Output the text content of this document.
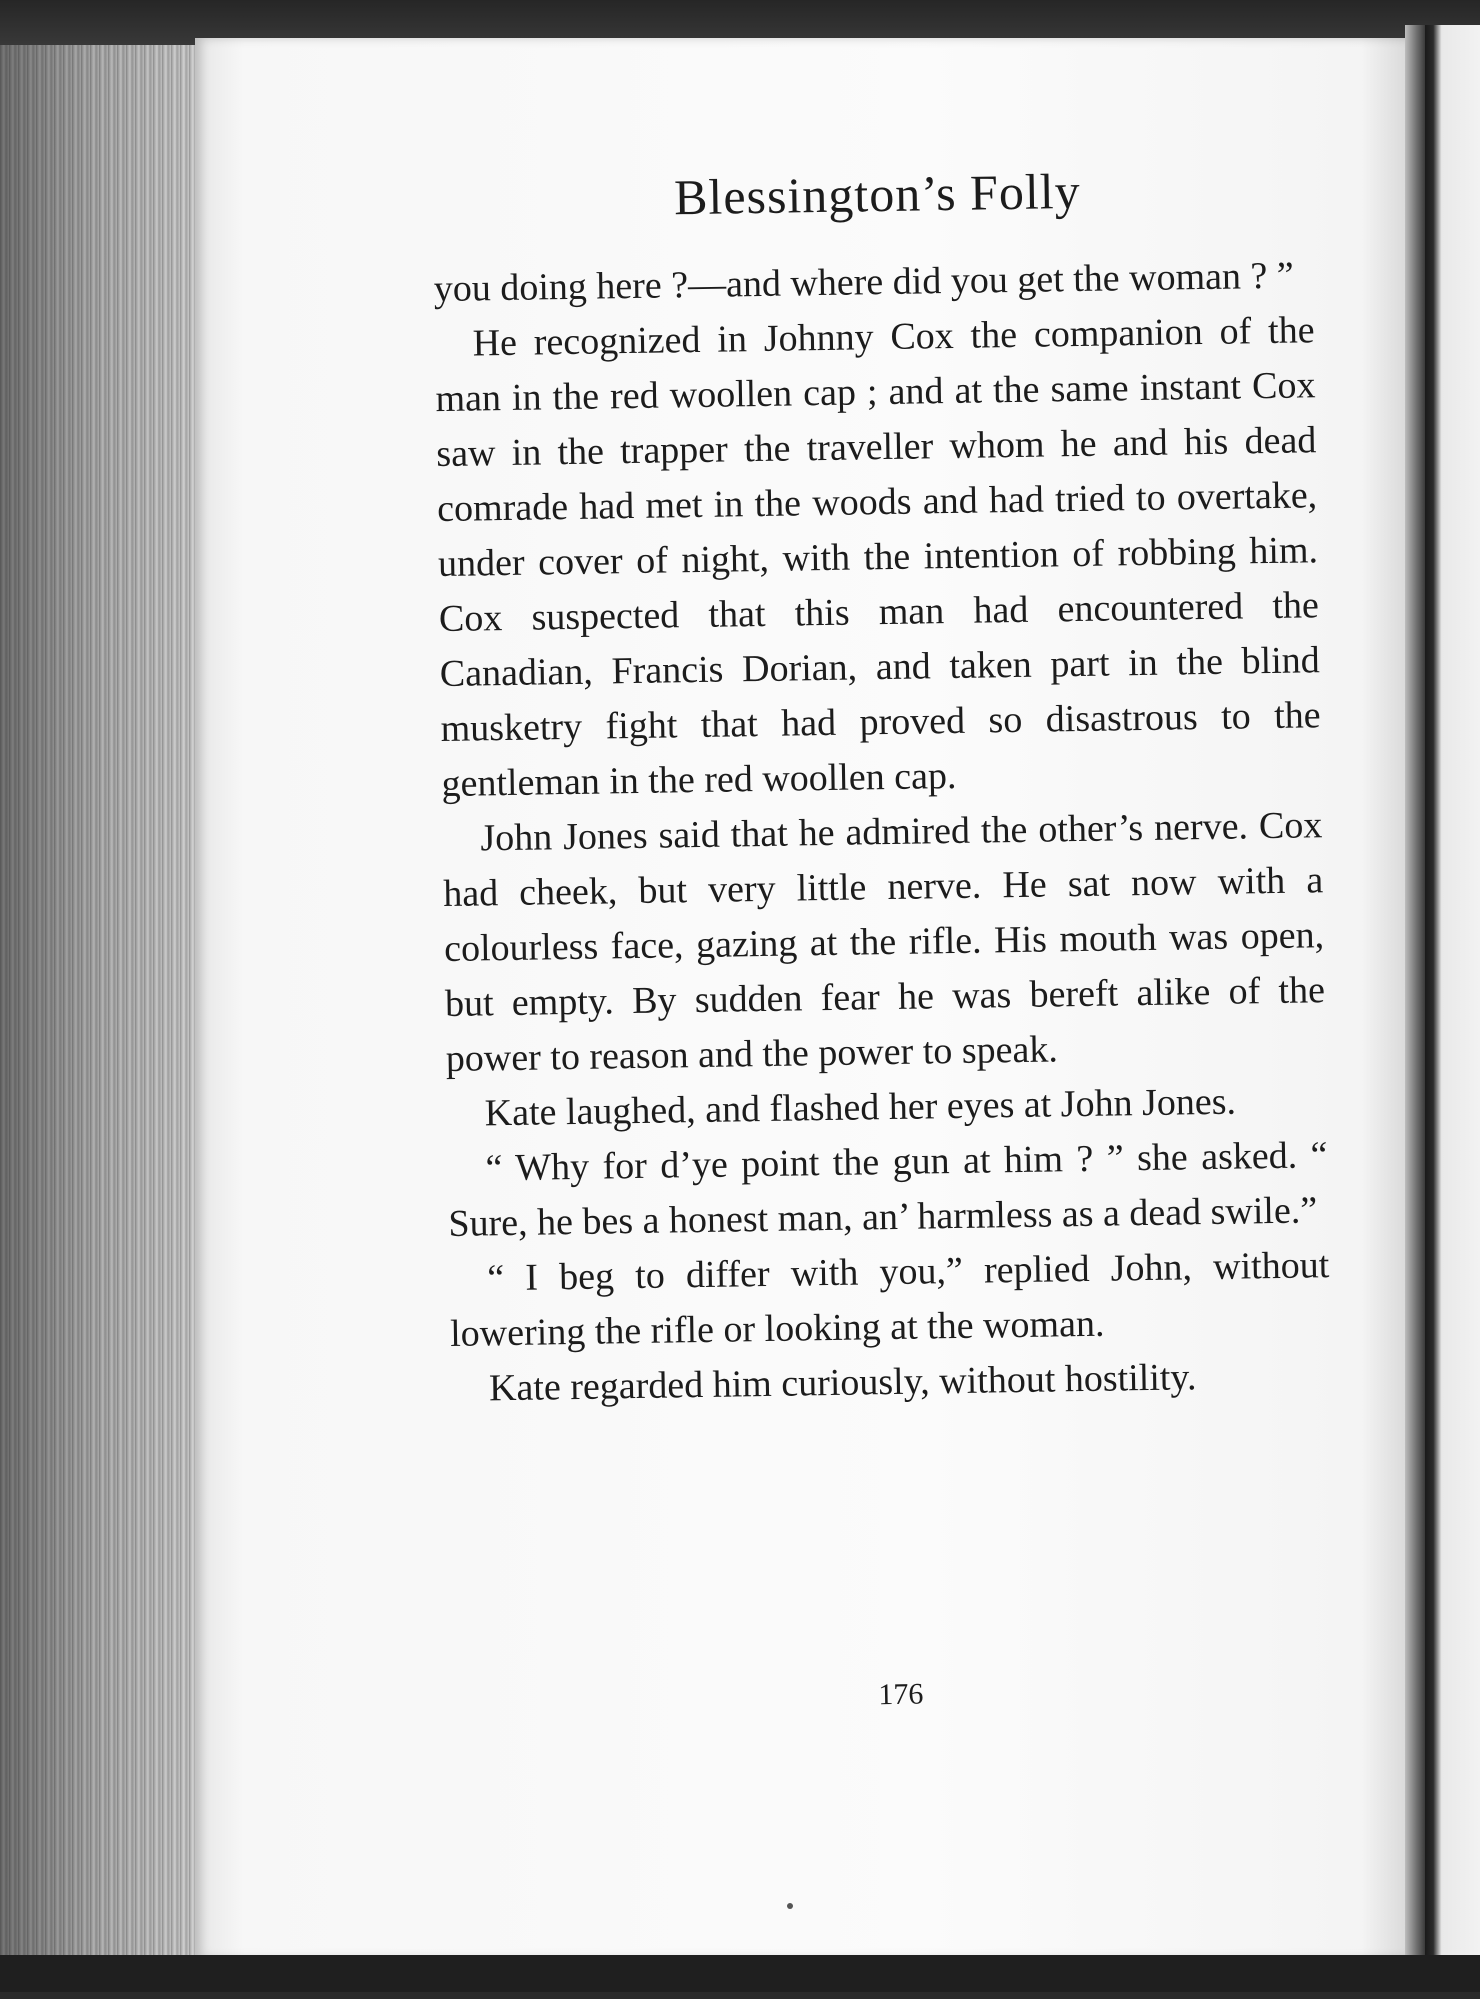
Blessington’s Folly

you doing here ?—and where did you get the woman ? ”

He recognized in Johnny Cox the companion of the man in the red woollen cap ; and at the same instant Cox saw in the trapper the traveller whom he and his dead comrade had met in the woods and had tried to overtake, under cover of night, with the intention of robbing him. Cox suspected that this man had encountered the Canadian, Francis Dorian, and taken part in the blind musketry fight that had proved so disastrous to the gentleman in the red woollen cap.

John Jones said that he admired the other’s nerve. Cox had cheek, but very little nerve. He sat now with a colourless face, gazing at the rifle. His mouth was open, but empty. By sudden fear he was bereft alike of the power to reason and the power to speak.

Kate laughed, and flashed her eyes at John Jones.

“ Why for d’ye point the gun at him ? ” she asked. “ Sure, he bes a honest man, an’ harmless as a dead swile.”

“ I beg to differ with you,” replied John, without lowering the rifle or looking at the woman.

Kate regarded him curiously, without hostility.

176
